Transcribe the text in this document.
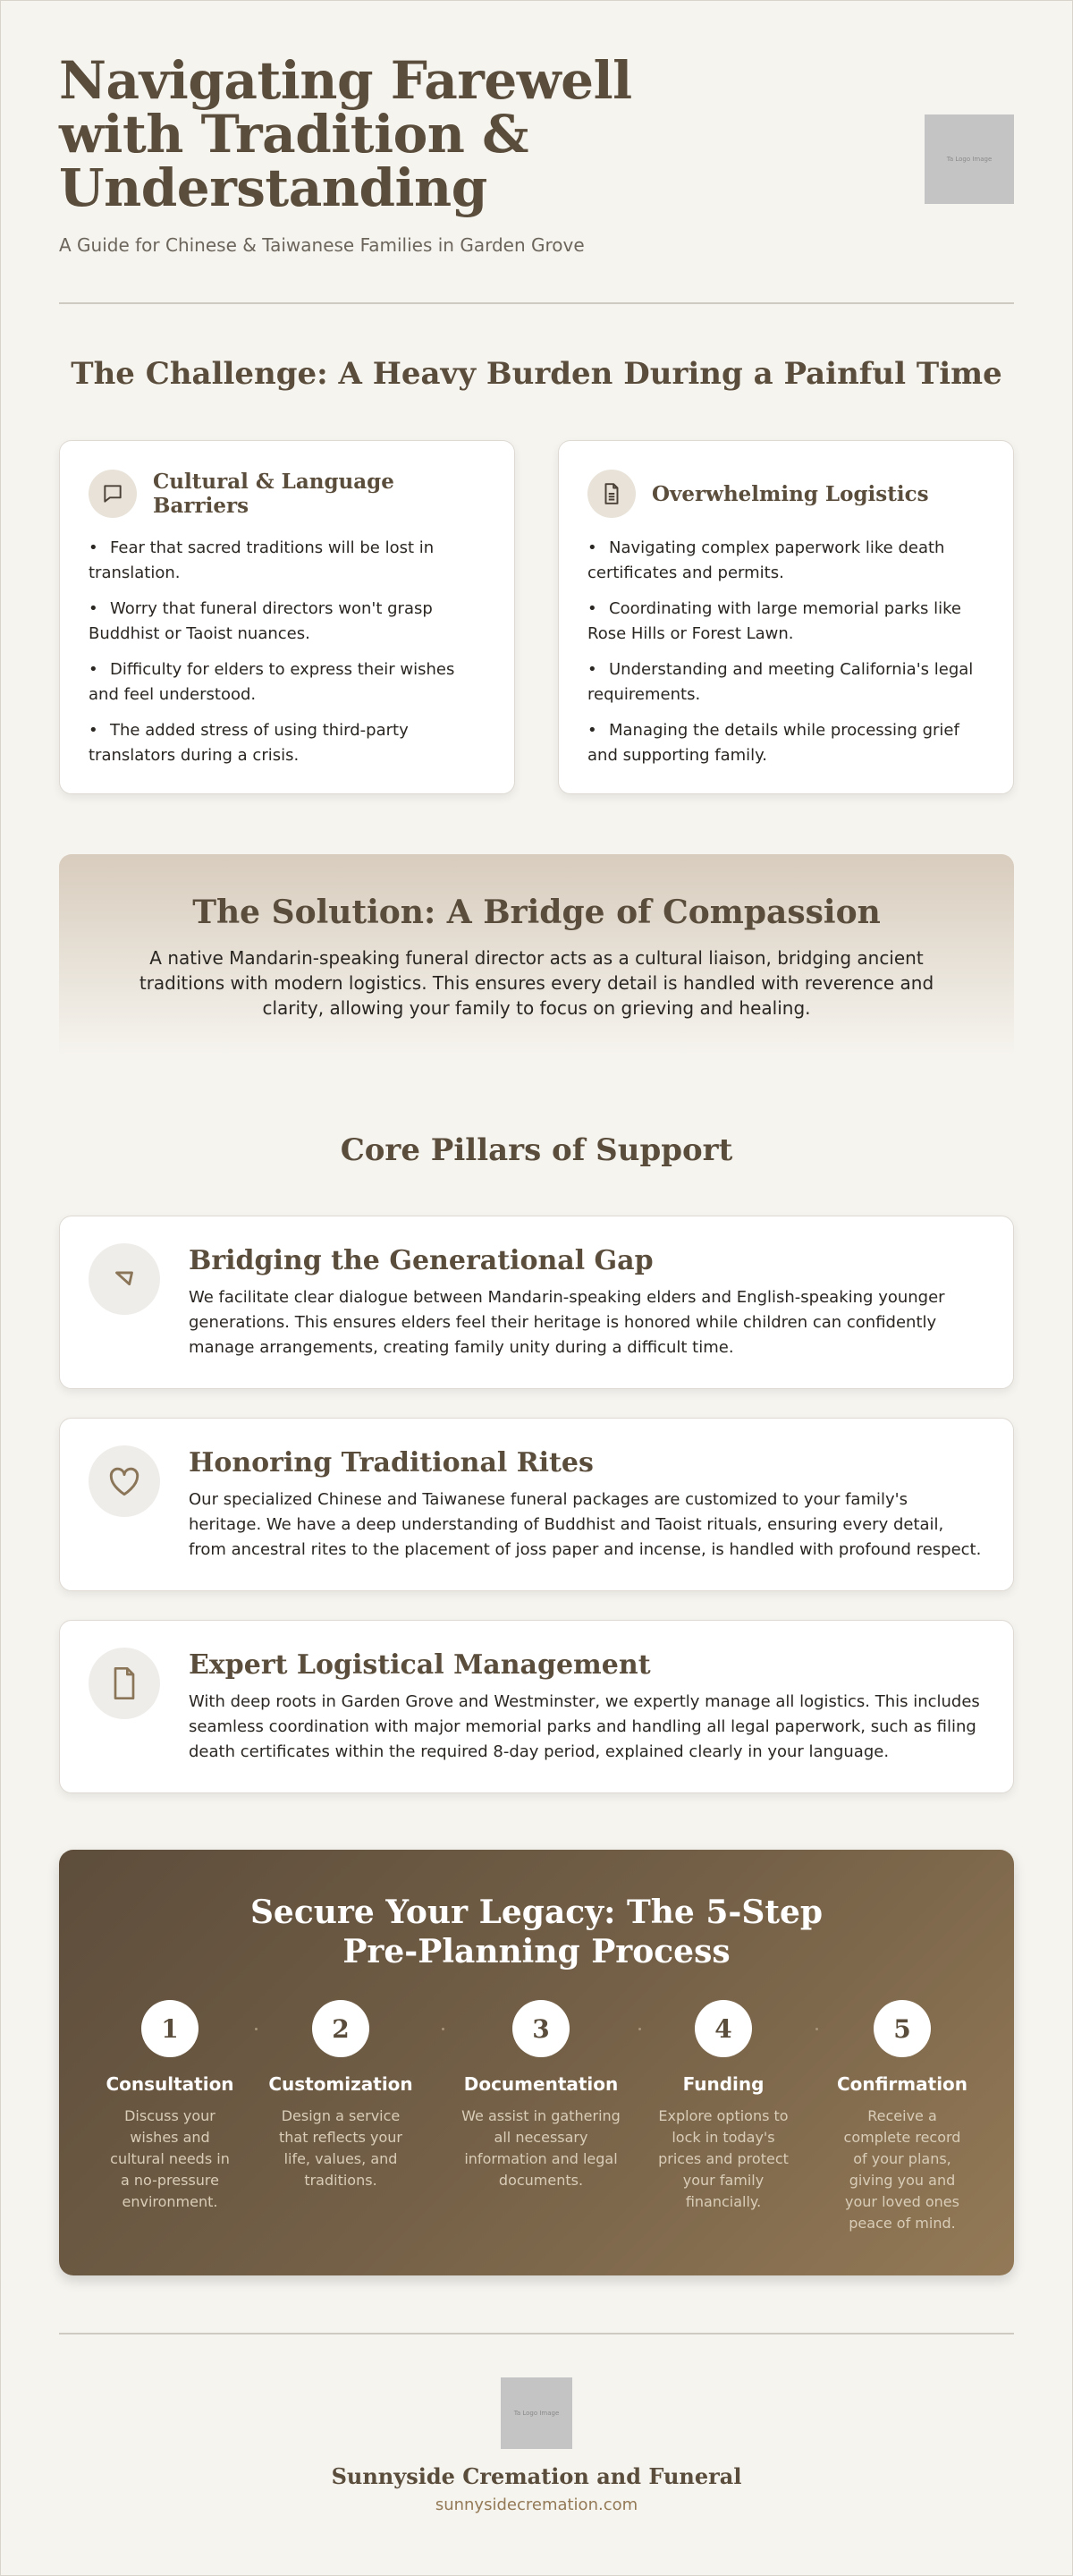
Navigating Farewell with Tradition & Understanding
A Guide for Chinese & Taiwanese Families in Garden Grove
Ta Logo Image
The Challenge: A Heavy Burden During a Painful Time
Cultural & Language Barriers
• Fear that sacred traditions will be lost in translation.
• Worry that funeral directors won't grasp Buddhist or Taoist nuances.
• Difficulty for elders to express their wishes and feel understood.
• The added stress of using third-party translators during a crisis.
Overwhelming Logistics
• Navigating complex paperwork like death certificates and permits.
• Coordinating with large memorial parks like Rose Hills or Forest Lawn.
• Understanding and meeting California's legal requirements.
• Managing the details while processing grief and supporting family.
The Solution: A Bridge of Compassion

A native Mandarin-speaking funeral director acts as a cultural liaison, bridging ancient traditions with modern logistics. This ensures every detail is handled with reverence and clarity, allowing your family to focus on grieving and healing.

Core Pillars of Support
Bridging the Generational Gap

We facilitate clear dialogue between Mandarin-speaking elders and English-speaking younger generations. This ensures elders feel their heritage is honored while children can confidently manage arrangements, creating family unity during a difficult time.

Honoring Traditional Rites

Our specialized Chinese and Taiwanese funeral packages are customized to your family's heritage. We have a deep understanding of Buddhist and Taoist rituals, ensuring every detail, from ancestral rites to the placement of joss paper and incense, is handled with profound respect.

Expert Logistical Management

With deep roots in Garden Grove and Westminster, we expertly manage all logistics. This includes seamless coordination with major memorial parks and handling all legal paperwork, such as filing death certificates within the required 8-day period, explained clearly in your language.

Secure Your Legacy: The 5-Step Pre-Planning Process
1
Consultation
Discuss your wishes and cultural needs in a no-pressure environment.
2
Customization
Design a service that reflects your life, values, and traditions.
3
Documentation
We assist in gathering all necessary information and legal documents.
4
Funding
Explore options to lock in today's prices and protect your family financially.
5
Confirmation
Receive a complete record of your plans, giving you and your loved ones peace of mind.
Ta Logo Image
Sunnyside Cremation and Funeral
sunnysidecremation.com
